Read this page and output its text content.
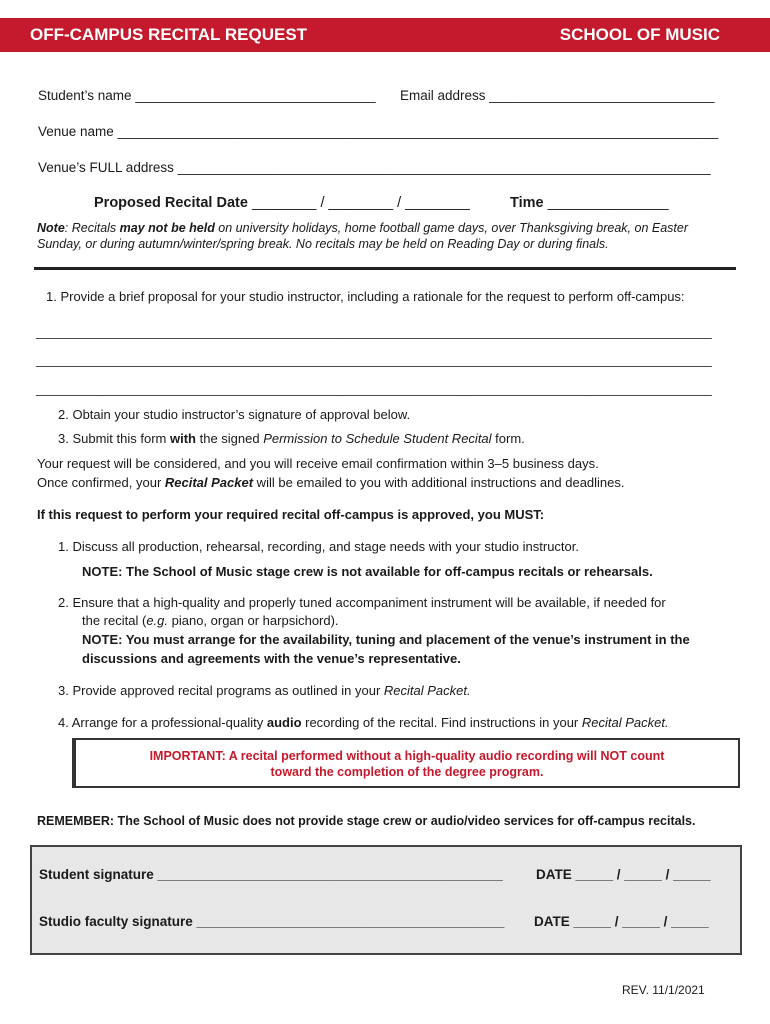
OFF-CAMPUS RECITAL REQUEST	SCHOOL OF MUSIC
Student’s name ________________________________ Email address ______________________________
Venue name ________________________________________________________________________________
Venue’s FULL address _______________________________________________________________________
Proposed Recital Date ________ / ________ / ________	Time _______________
Note: Recitals may not be held on university holidays, home football game days, over Thanksgiving break, on Easter
Sunday, or during autumn/winter/spring break. No recitals may be held on Reading Day or during finals.
1. Provide a brief proposal for your studio instructor, including a rationale for the request to perform off-campus:
__________________________________________________________________________________________
__________________________________________________________________________________________
__________________________________________________________________________________________
2. Obtain your studio instructor’s signature of approval below.
3. Submit this form with the signed Permission to Schedule Student Recital form.
Your request will be considered, and you will receive email confirmation within 3–5 business days.
Once confirmed, your Recital Packet will be emailed to you with additional instructions and deadlines.
If this request to perform your required recital off-campus is approved, you MUST:
1. Discuss all production, rehearsal, recording, and stage needs with your studio instructor.
NOTE: The School of Music stage crew is not available for off-campus recitals or rehearsals.
2. Ensure that a high-quality and properly tuned accompaniment instrument will be available, if needed for
the recital (e.g. piano, organ or harpsichord).
NOTE: You must arrange for the availability, tuning and placement of the venue’s instrument in the
discussions and agreements with the venue’s representative.
3. Provide approved recital programs as outlined in your Recital Packet.
4. Arrange for a professional-quality audio recording of the recital. Find instructions in your Recital Packet.
IMPORTANT: A recital performed without a high-quality audio recording will NOT count
toward the completion of the degree program.
REMEMBER: The School of Music does not provide stage crew or audio/video services for off-campus recitals.
Student signature ______________________________________________ DATE _____ / _____ / _____
Studio faculty signature _________________________________________ DATE _____ / _____ / _____
REV. 11/1/2021
